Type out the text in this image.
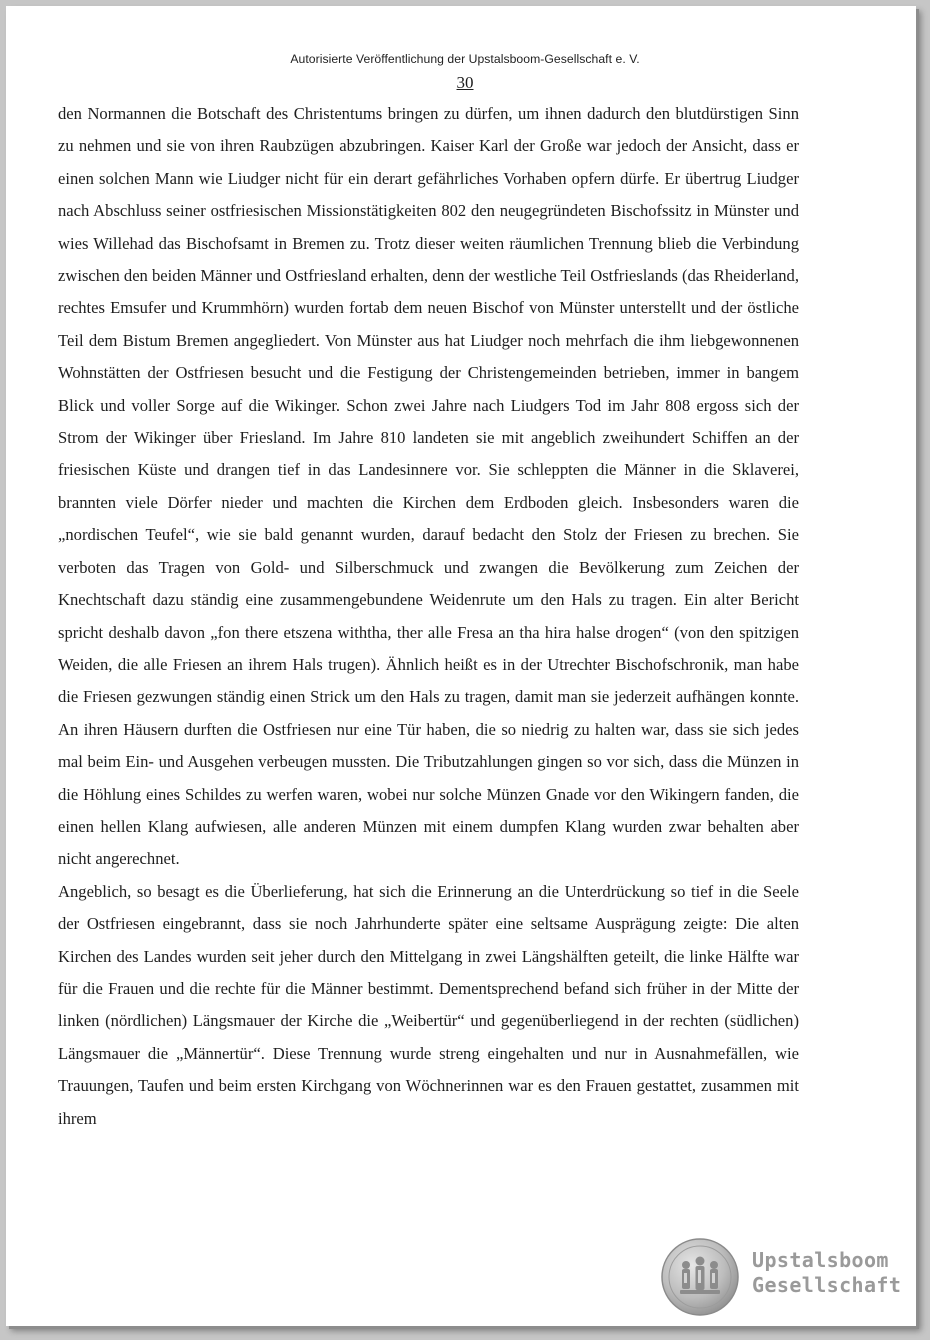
Autorisierte Veröffentlichung der Upstalsboom-Gesellschaft e. V.
30

den Normannen die Botschaft des Christentums bringen zu dürfen, um ihnen dadurch den blutdürstigen Sinn zu nehmen und sie von ihren Raubzügen abzubringen. Kaiser Karl der Große war jedoch der Ansicht, dass er einen solchen Mann wie Liudger nicht für ein derart gefährliches Vorhaben opfern dürfe. Er übertrug Liudger nach Abschluss seiner ostfriesischen Missionstätigkeiten 802 den neugegründeten Bischofssitz in Münster und wies Willehad das Bischofsamt in Bremen zu. Trotz dieser weiten räumlichen Trennung blieb die Verbindung zwischen den beiden Männer und Ostfriesland erhalten, denn der westliche Teil Ostfrieslands (das Rheiderland, rechtes Emsufer und Krummhörn) wurden fortab dem neuen Bischof von Münster unterstellt und der östliche Teil dem Bistum Bremen angegliedert. Von Münster aus hat Liudger noch mehrfach die ihm liebgewonnenen Wohnstätten der Ostfriesen besucht und die Festigung der Christengemeinden betrieben, immer in bangem Blick und voller Sorge auf die Wikinger. Schon zwei Jahre nach Liudgers Tod im Jahr 808 ergoss sich der Strom der Wikinger über Friesland. Im Jahre 810 landeten sie mit angeblich zweihundert Schiffen an der friesischen Küste und drangen tief in das Landesinnere vor. Sie schleppten die Männer in die Sklaverei, brannten viele Dörfer nieder und machten die Kirchen dem Erdboden gleich. Insbesonders waren die „nordischen Teufel“, wie sie bald genannt wurden, darauf bedacht den Stolz der Friesen zu brechen. Sie verboten das Tragen von Gold- und Silberschmuck und zwangen die Bevölkerung zum Zeichen der Knechtschaft dazu ständig eine zusammengebundene Weidenrute um den Hals zu tragen. Ein alter Bericht spricht deshalb davon „fon there etszena withtha, ther alle Fresa an tha hira halse drogen“ (von den spitzigen Weiden, die alle Friesen an ihrem Hals trugen). Ähnlich heißt es in der Utrechter Bischofschronik, man habe die Friesen gezwungen ständig einen Strick um den Hals zu tragen, damit man sie jederzeit aufhängen konnte. An ihren Häusern durften die Ostfriesen nur eine Tür haben, die so niedrig zu halten war, dass sie sich jedes mal beim Ein- und Ausgehen verbeugen mussten. Die Tributzahlungen gingen so vor sich, dass die Münzen in die Höhlung eines Schildes zu werfen waren, wobei nur solche Münzen Gnade vor den Wikingern fanden, die einen hellen Klang aufwiesen, alle anderen Münzen mit einem dumpfen Klang wurden zwar behalten aber nicht angerechnet.

Angeblich, so besagt es die Überlieferung, hat sich die Erinnerung an die Unterdrückung so tief in die Seele der Ostfriesen eingebrannt, dass sie noch Jahrhunderte später eine seltsame Ausprägung zeigte: Die alten Kirchen des Landes wurden seit jeher durch den Mittelgang in zwei Längshälften geteilt, die linke Hälfte war für die Frauen und die rechte für die Männer bestimmt. Dementsprechend befand sich früher in der Mitte der linken (nördlichen) Längsmauer der Kirche die „Weibertür“ und gegenüberliegend in der rechten (südlichen) Längsmauer die „Männertür“. Diese Trennung wurde streng eingehalten und nur in Ausnahmefällen, wie Trauungen, Taufen und beim ersten Kirchgang von Wöchnerinnen war es den Frauen gestattet, zusammen mit ihrem

Upstalsboom
Gesellschaft
